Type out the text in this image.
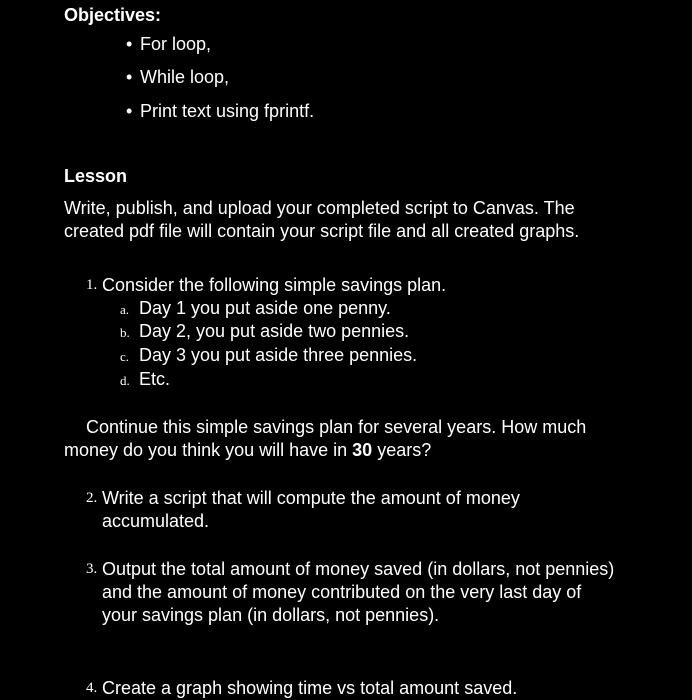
Objectives:
• For loop,
• While loop,
• Print text using fprintf.
Lesson
Write, publish, and upload your completed script to Canvas. The created pdf file will contain your script file and all created graphs.
1. Consider the following simple savings plan.
a. Day 1 you put aside one penny.
b. Day 2, you put aside two pennies.
c. Day 3 you put aside three pennies.
d. Etc.
Continue this simple savings plan for several years. How much money do you think you will have in 30 years?
2. Write a script that will compute the amount of money accumulated.
3. Output the total amount of money saved (in dollars, not pennies) and the amount of money contributed on the very last day of your savings plan (in dollars, not pennies).
4. Create a graph showing time vs total amount saved.
